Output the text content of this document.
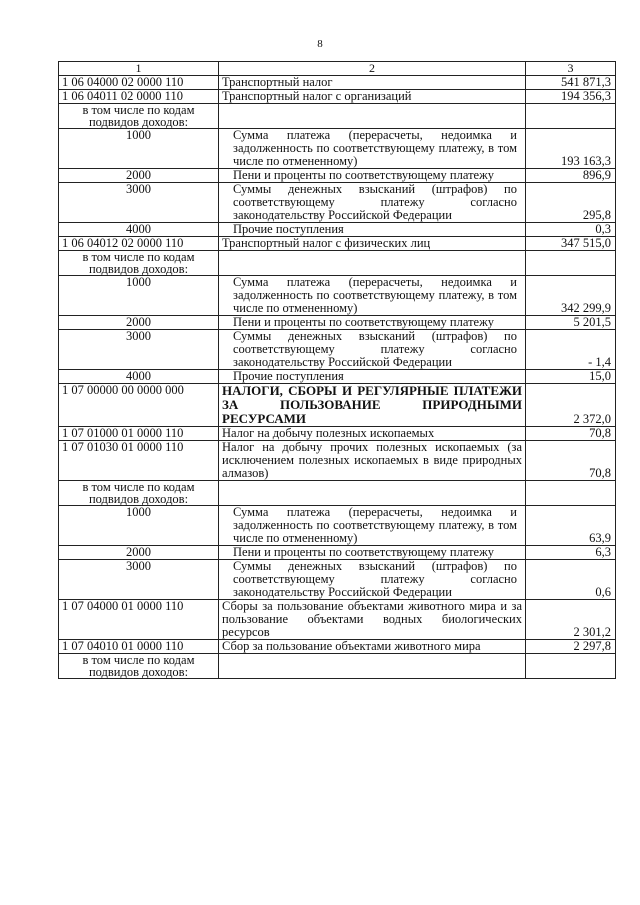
8
1	2	3
1 06 04000 02 0000 110	Транспортный налог	541 871,3
1 06 04011 02 0000 110	Транспортный налог с организаций	194 356,3
в том числе по кодам подвидов доходов:		
1000	Сумма платежа (перерасчеты, недоимка и задолженность по соответствующему платежу, в том числе по отмененному)	193 163,3
2000	Пени и проценты по соответствующему платежу	896,9
3000	Суммы денежных взысканий (штрафов) по соответствующему платежу согласно законодательству Российской Федерации	295,8
4000	Прочие поступления	0,3
1 06 04012 02 0000 110	Транспортный налог с физических лиц	347 515,0
в том числе по кодам подвидов доходов:		
1000	Сумма платежа (перерасчеты, недоимка и задолженность по соответствующему платежу, в том числе по отмененному)	342 299,9
2000	Пени и проценты по соответствующему платежу	5 201,5
3000	Суммы денежных взысканий (штрафов) по соответствующему платежу согласно законодательству Российской Федерации	- 1,4
4000	Прочие поступления	15,0
1 07 00000 00 0000 000	НАЛОГИ, СБОРЫ И РЕГУЛЯРНЫЕ ПЛАТЕЖИ ЗА ПОЛЬЗОВАНИЕ ПРИРОДНЫМИ РЕСУРСАМИ	2 372,0
1 07 01000 01 0000 110	Налог на добычу полезных ископаемых	70,8
1 07 01030 01 0000 110	Налог на добычу прочих полезных ископаемых (за исключением полезных ископаемых в виде природных алмазов)	70,8
в том числе по кодам подвидов доходов:		
1000	Сумма платежа (перерасчеты, недоимка и задолженность по соответствующему платежу, в том числе по отмененному)	63,9
2000	Пени и проценты по соответствующему платежу	6,3
3000	Суммы денежных взысканий (штрафов) по соответствующему платежу согласно законодательству Российской Федерации	0,6
1 07 04000 01 0000 110	Сборы за пользование объектами животного мира и за пользование объектами водных биологических ресурсов	2 301,2
1 07 04010 01 0000 110	Сбор за пользование объектами животного мира	2 297,8
в том числе по кодам подвидов доходов:		
